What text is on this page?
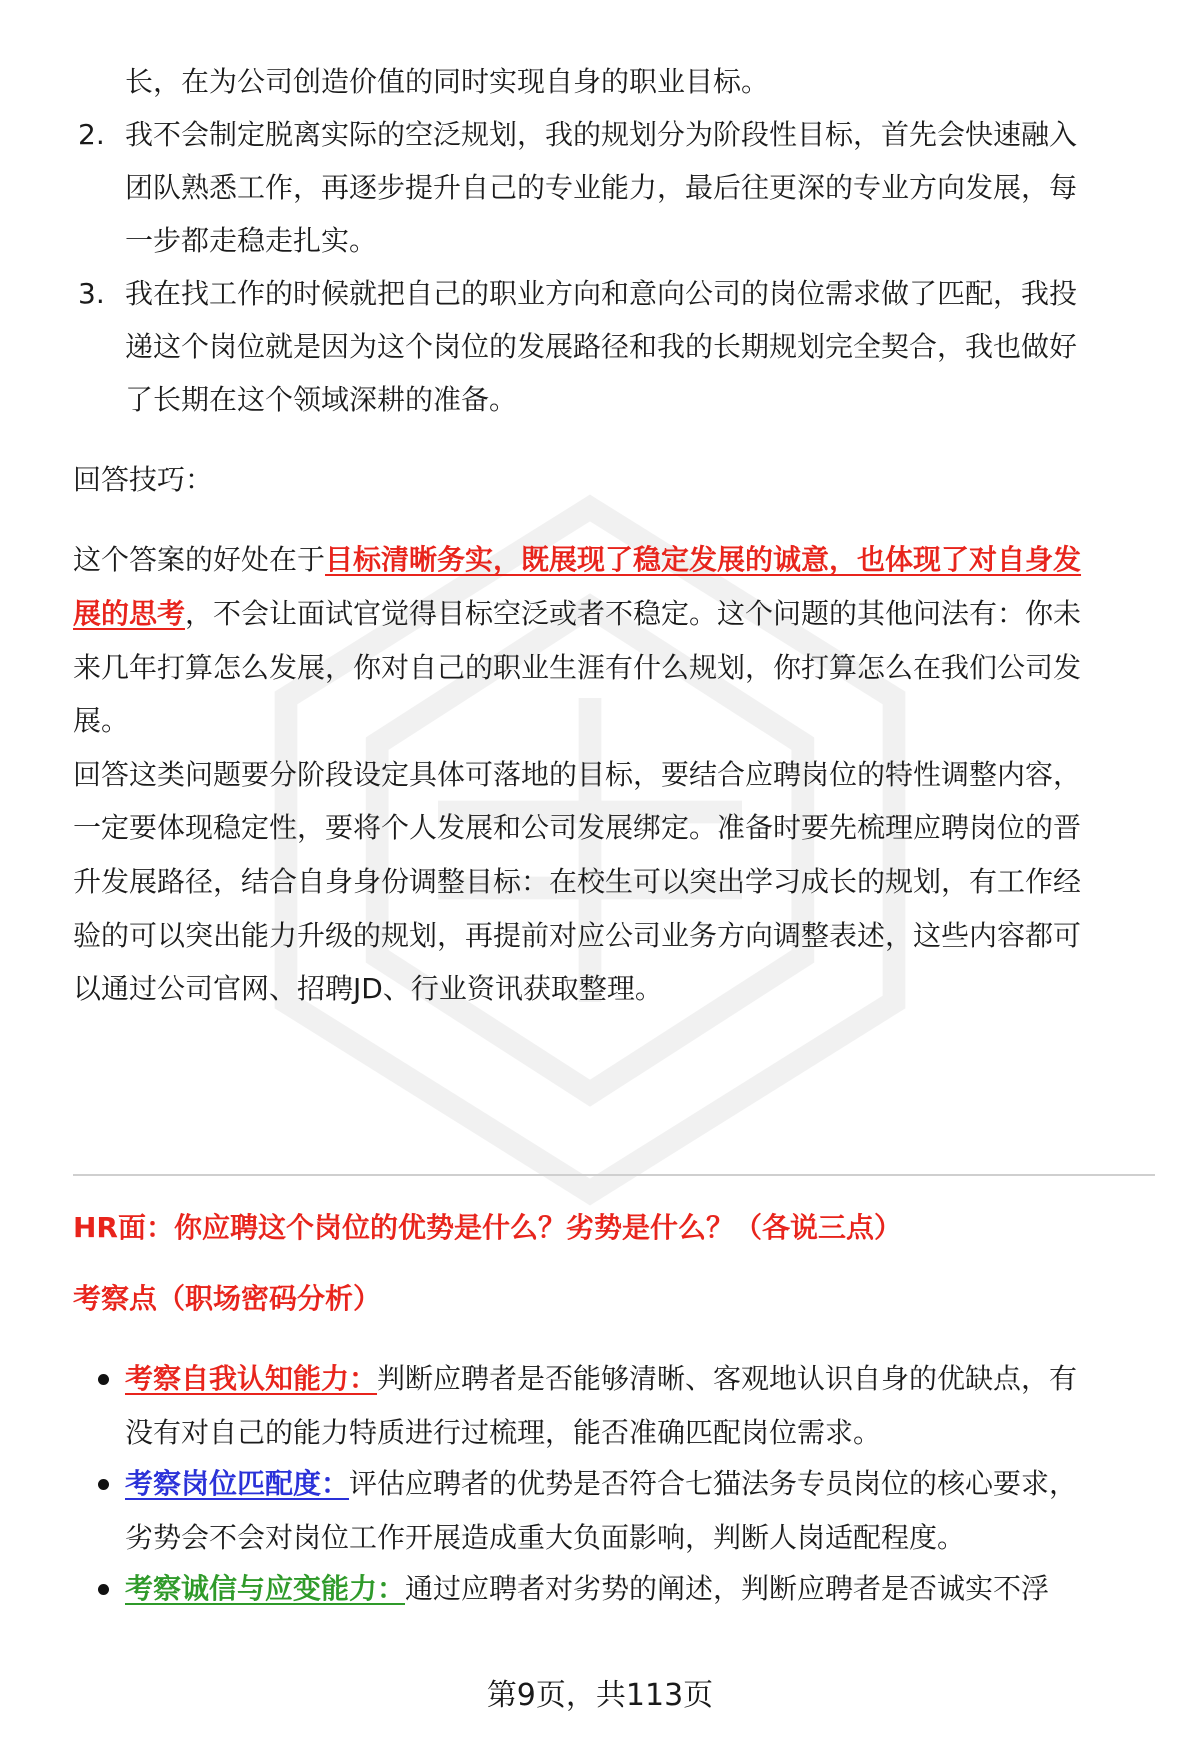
长，在为公司创造价值的同时实现自身的职业目标。
2. 我不会制定脱离实际的空泛规划，我的规划分为阶段性目标，首先会快速融入
团队熟悉工作，再逐步提升自己的专业能力，最后往更深的专业方向发展，每
一步都走稳走扎实。
3. 我在找工作的时候就把自己的职业方向和意向公司的岗位需求做了匹配，我投
递这个岗位就是因为这个岗位的发展路径和我的长期规划完全契合，我也做好
了长期在这个领域深耕的准备。
回答技巧：
这个答案的好处在于目标清晰务实，既展现了稳定发展的诚意，也体现了对自身发
展的思考，不会让面试官觉得目标空泛或者不稳定。这个问题的其他问法有：你未
来几年打算怎么发展，你对自己的职业生涯有什么规划，你打算怎么在我们公司发
展。
回答这类问题要分阶段设定具体可落地的目标，要结合应聘岗位的特性调整内容，
一定要体现稳定性，要将个人发展和公司发展绑定。准备时要先梳理应聘岗位的晋
升发展路径，结合自身身份调整目标：在校生可以突出学习成长的规划，有工作经
验的可以突出能力升级的规划，再提前对应公司业务方向调整表述，这些内容都可
以通过公司官网、招聘JD、行业资讯获取整理。
HR面：你应聘这个岗位的优势是什么？劣势是什么？（各说三点）
考察点（职场密码分析）
考察自我认知能力：判断应聘者是否能够清晰、客观地认识自身的优缺点，有
没有对自己的能力特质进行过梳理，能否准确匹配岗位需求。
考察岗位匹配度：评估应聘者的优势是否符合七猫法务专员岗位的核心要求，
劣势会不会对岗位工作开展造成重大负面影响，判断人岗适配程度。
考察诚信与应变能力：通过应聘者对劣势的阐述，判断应聘者是否诚实不浮
第9页，共113页
